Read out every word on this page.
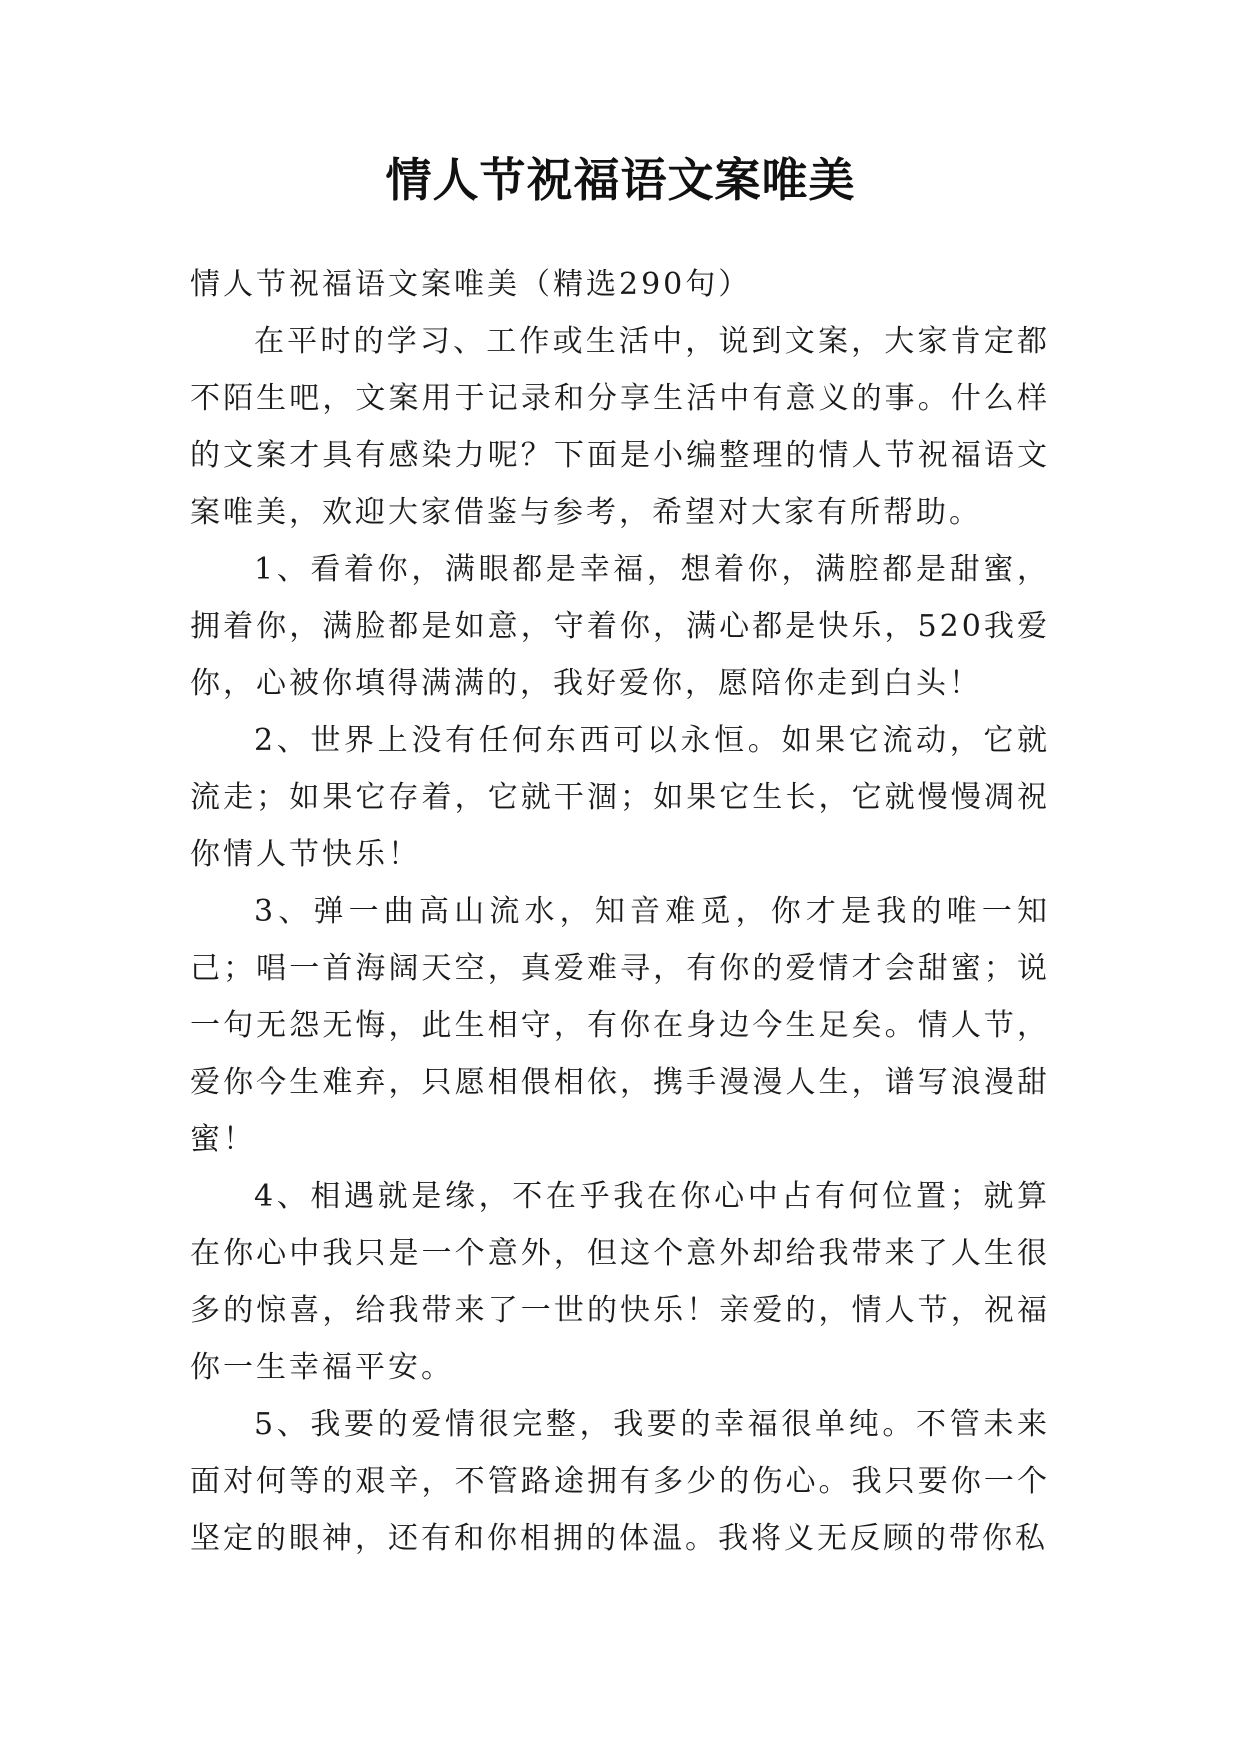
情人节祝福语文案唯美

情人节祝福语文案唯美（精选290句）

在平时的学习、工作或生活中，说到文案，大家肯定都不陌生吧，文案用于记录和分享生活中有意义的事。什么样的文案才具有感染力呢？下面是小编整理的情人节祝福语文案唯美，欢迎大家借鉴与参考，希望对大家有所帮助。

1、看着你，满眼都是幸福，想着你，满腔都是甜蜜，拥着你，满脸都是如意，守着你，满心都是快乐，520我爱你，心被你填得满满的，我好爱你，愿陪你走到白头！

2、世界上没有任何东西可以永恒。如果它流动，它就流走；如果它存着，它就干涸；如果它生长，它就慢慢凋祝你情人节快乐！

3、弹一曲高山流水，知音难觅，你才是我的唯一知己；唱一首海阔天空，真爱难寻，有你的爱情才会甜蜜；说一句无怨无悔，此生相守，有你在身边今生足矣。情人节，爱你今生难弃，只愿相偎相依，携手漫漫人生，谱写浪漫甜蜜！

4、相遇就是缘，不在乎我在你心中占有何位置；就算在你心中我只是一个意外，但这个意外却给我带来了人生很多的惊喜，给我带来了一世的快乐！亲爱的，情人节，祝福你一生幸福平安。

5、我要的爱情很完整，我要的幸福很单纯。不管未来面对何等的艰辛，不管路途拥有多少的伤心。我只要你一个坚定的眼神，还有和你相拥的体温。我将义无反顾的带你私
